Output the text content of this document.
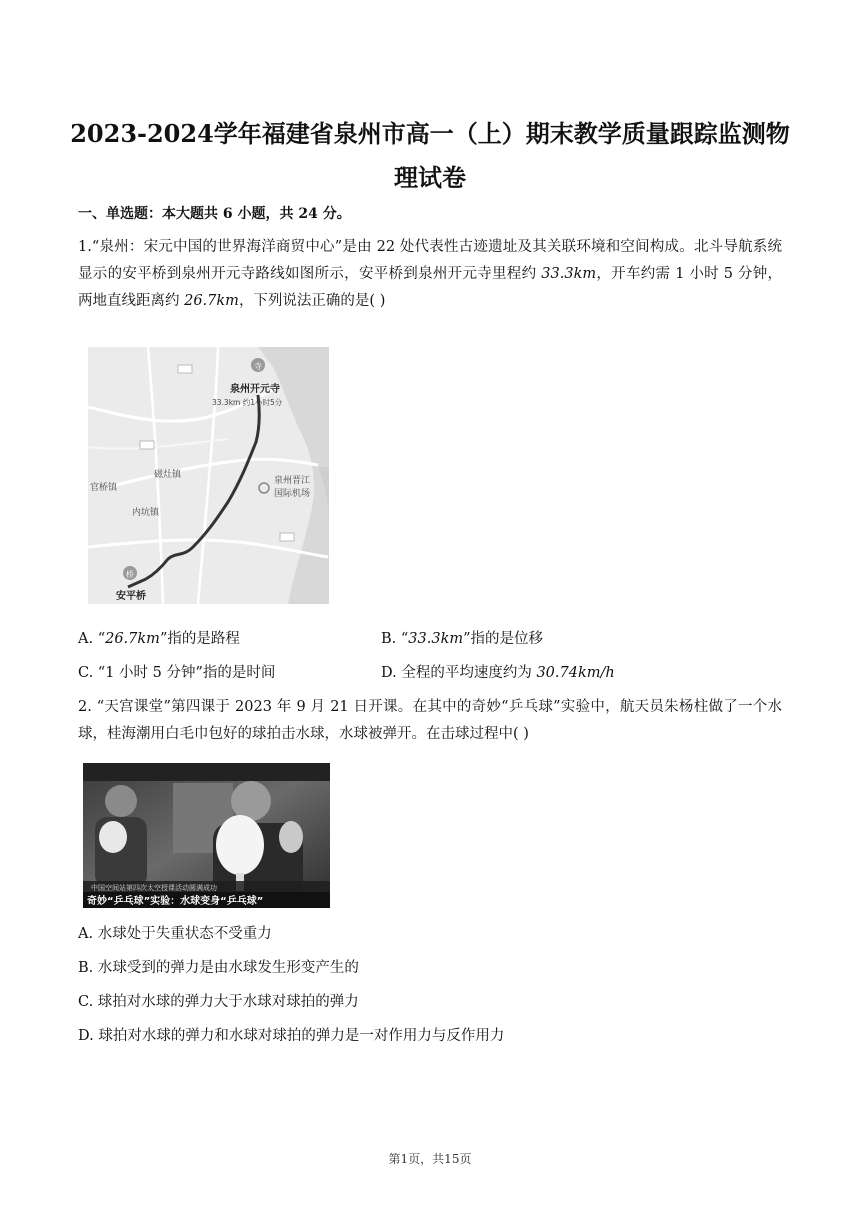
2023-2024学年福建省泉州市高一（上）期末教学质量跟踪监测物理试卷
一、单选题：本大题共 6 小题，共 24 分。
1.“泉州：宋元中国的世界海洋商贸中心”是由 22 处代表性古迹遗址及其关联环境和空间构成。北斗导航系统显示的安平桥到泉州开元寺路线如图所示，安平桥到泉州开元寺里程约 33.3km，开车约需 1 小时 5 分钟，两地直线距离约 26.7km，下列说法正确的是( )
寺
桥
泉州开元寺
33.3km 约1小时5分
磁灶镇
官桥镇
内坑镇
泉州晋江
国际机场
安平桥
A. “26.7km”指的是路程	B. “33.3km”指的是位移
C. “1 小时 5 分钟”指的是时间	D. 全程的平均速度约为 30.74km/h
2. “天宫课堂”第四课于 2023 年 9 月 21 日开课。在其中的奇妙“乒乓球”实验中，航天员朱杨柱做了一个水球，桂海潮用白毛巾包好的球拍击水球，水球被弹开。在击球过程中( )
中国空间站第四次太空授课活动圆满成功
奇妙“乒乓球”实验：水球变身“乒乓球”
A. 水球处于失重状态不受重力
B. 水球受到的弹力是由水球发生形变产生的
C. 球拍对水球的弹力大于水球对球拍的弹力
D. 球拍对水球的弹力和水球对球拍的弹力是一对作用力与反作用力
第1页，共15页
